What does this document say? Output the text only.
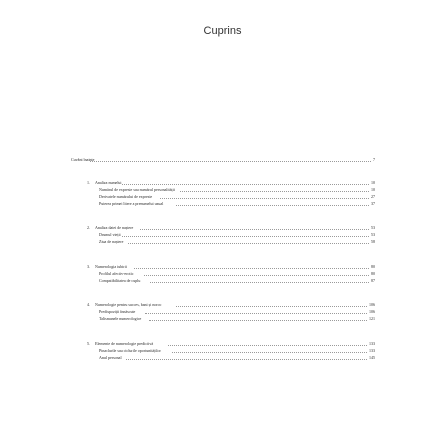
Cuprins
Cuvânt înainte	7
1. Analiza numelui	10
Numărul de expresie sau numărul personalității	10
Derivatele numărului de expresie	27
Puterea primei litere a prenumelui uzual	37
2. Analiza datei de naștere	53
Drumul vieții	53
Ziua de naștere	58
3. Numerologia iubirii	80
Profilul afectiv-erotic	80
Compatibilitatea de cuplu	87
4. Numerologie pentru succes, bani și noroc	106
Predispoziții înnăscute	106
Talismanele numerologice	121
5. Elemente de numerologie predictivă	133
Pinaclurile sau ciclurile oportunităților	133
Anul personal	145
